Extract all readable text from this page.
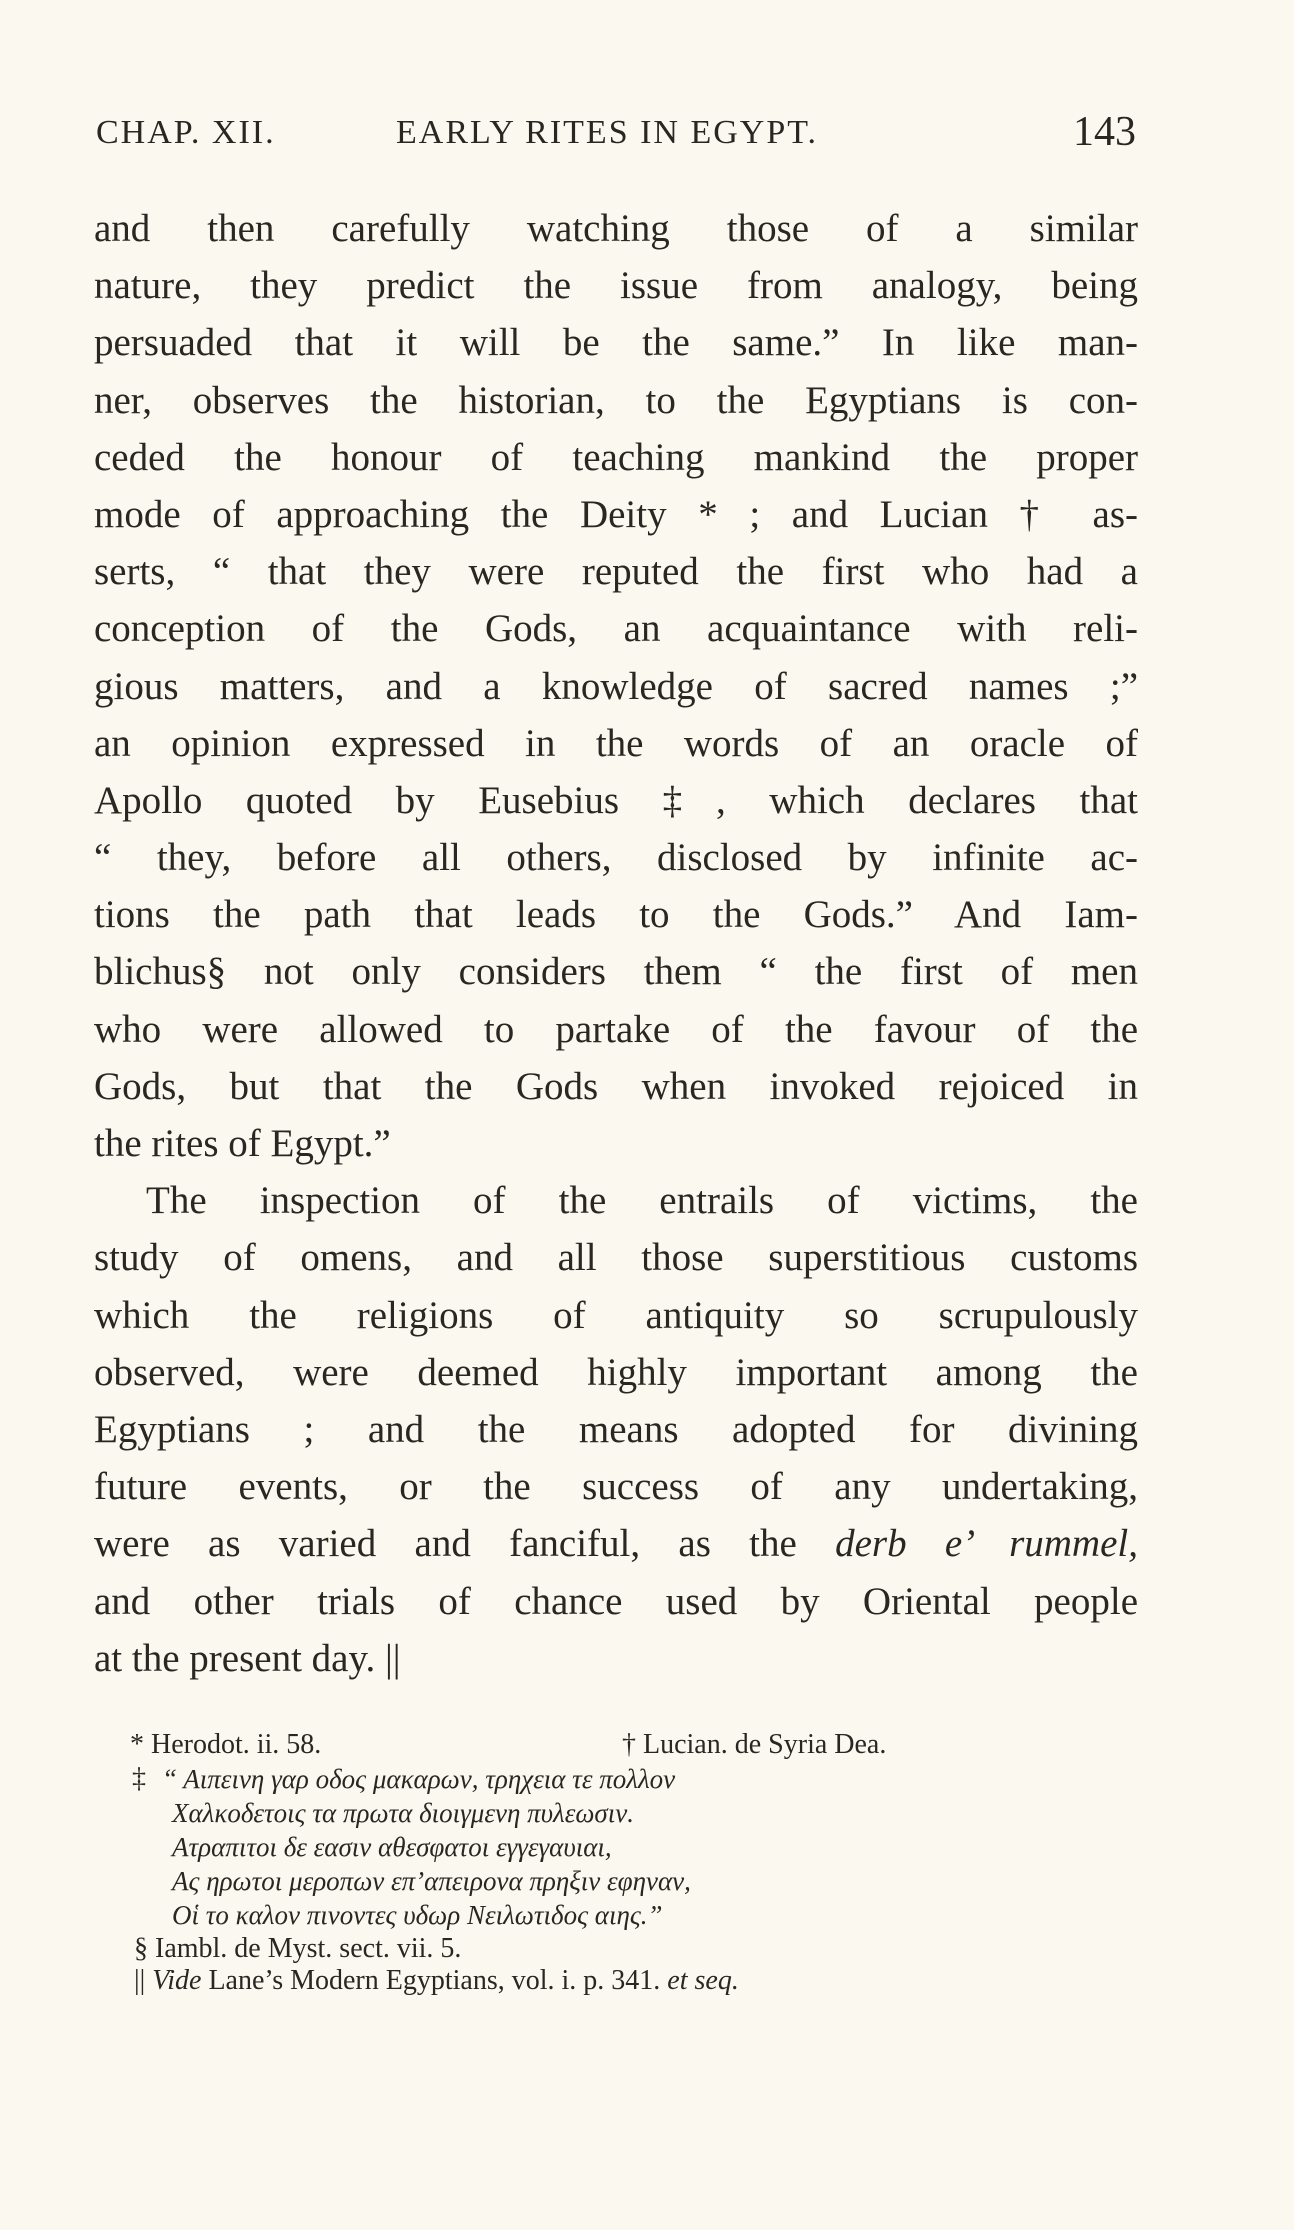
CHAP. XII.	EARLY RITES IN EGYPT.	143
and then carefully watching those of a similar
nature, they predict the issue from analogy, being
persuaded that it will be the same.” In like man-
ner, observes the historian, to the Egyptians is con-
ceded the honour of teaching mankind the proper
mode of approaching the Deity * ; and Lucian † as-
serts, “ that they were reputed the first who had a
conception of the Gods, an acquaintance with reli-
gious matters, and a knowledge of sacred names ;”
an opinion expressed in the words of an oracle of
Apollo quoted by Eusebius ‡, which declares that
“ they, before all others, disclosed by infinite ac-
tions the path that leads to the Gods.” And Iam-
blichus§ not only considers them “ the first of men
who were allowed to partake of the favour of the
Gods, but that the Gods when invoked rejoiced in
the rites of Egypt.”
The inspection of the entrails of victims, the
study of omens, and all those superstitious customs
which the religions of antiquity so scrupulously
observed, were deemed highly important among the
Egyptians ; and the means adopted for divining
future events, or the success of any undertaking,
were as varied and fanciful, as the derb e’ rummel,
and other trials of chance used by Oriental people
at the present day. ||
* Herodot. ii. 58.	† Lucian. de Syria Dea.
‡ “ Αιπεινη γαρ οδος μακαρων, τρηχεια τε πολλον
Χαλκοδετοις τα πρωτα διοιγμενη πυλεωσιν.
Ατραπιτοι δε εασιν αθεσφατοι εγγεγαυιαι,
Ας ηρωτοι μεροπων επ’απειρονα πρηξιν εφηναν,
Οἱ το καλον πινοντες υδωρ Νειλωτιδος αιης.”
§ Iambl. de Myst. sect. vii. 5.
|| Vide Lane’s Modern Egyptians, vol. i. p. 341. et seq.
